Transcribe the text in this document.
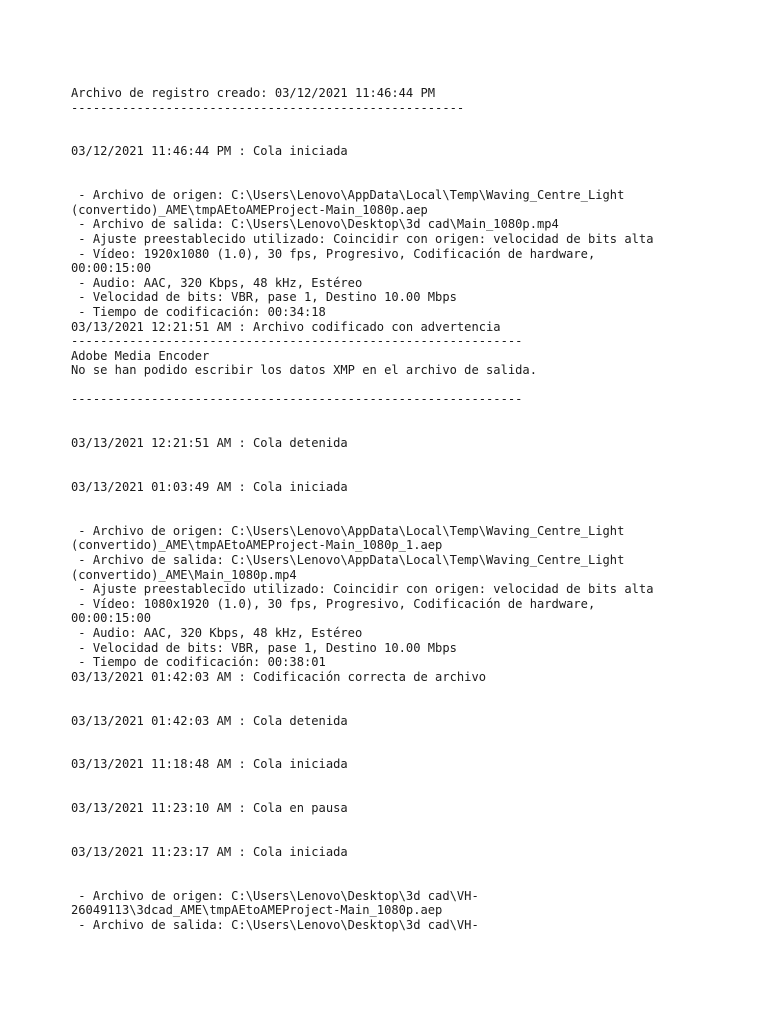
Archivo de registro creado: 03/12/2021 11:46:44 PM
------------------------------------------------------
03/12/2021 11:46:44 PM : Cola iniciada
- Archivo de origen: C:\Users\Lenovo\AppData\Local\Temp\Waving_Centre_Light
(convertido)_AME\tmpAEtoAMEProject-Main_1080p.aep
- Archivo de salida: C:\Users\Lenovo\Desktop\3d cad\Main_1080p.mp4
- Ajuste preestablecido utilizado: Coincidir con origen: velocidad de bits alta
- Vídeo: 1920x1080 (1.0), 30 fps, Progresivo, Codificación de hardware,
00:00:15:00
- Audio: AAC, 320 Kbps, 48 kHz, Estéreo
- Velocidad de bits: VBR, pase 1, Destino 10.00 Mbps
- Tiempo de codificación: 00:34:18
03/13/2021 12:21:51 AM : Archivo codificado con advertencia
--------------------------------------------------------------
Adobe Media Encoder
No se han podido escribir los datos XMP en el archivo de salida.
--------------------------------------------------------------
03/13/2021 12:21:51 AM : Cola detenida
03/13/2021 01:03:49 AM : Cola iniciada
- Archivo de origen: C:\Users\Lenovo\AppData\Local\Temp\Waving_Centre_Light
(convertido)_AME\tmpAEtoAMEProject-Main_1080p_1.aep
- Archivo de salida: C:\Users\Lenovo\AppData\Local\Temp\Waving_Centre_Light
(convertido)_AME\Main_1080p.mp4
- Ajuste preestablecido utilizado: Coincidir con origen: velocidad de bits alta
- Vídeo: 1080x1920 (1.0), 30 fps, Progresivo, Codificación de hardware,
00:00:15:00
- Audio: AAC, 320 Kbps, 48 kHz, Estéreo
- Velocidad de bits: VBR, pase 1, Destino 10.00 Mbps
- Tiempo de codificación: 00:38:01
03/13/2021 01:42:03 AM : Codificación correcta de archivo
03/13/2021 01:42:03 AM : Cola detenida
03/13/2021 11:18:48 AM : Cola iniciada
03/13/2021 11:23:10 AM : Cola en pausa
03/13/2021 11:23:17 AM : Cola iniciada
- Archivo de origen: C:\Users\Lenovo\Desktop\3d cad\VH-
26049113\3dcad_AME\tmpAEtoAMEProject-Main_1080p.aep
- Archivo de salida: C:\Users\Lenovo\Desktop\3d cad\VH-
